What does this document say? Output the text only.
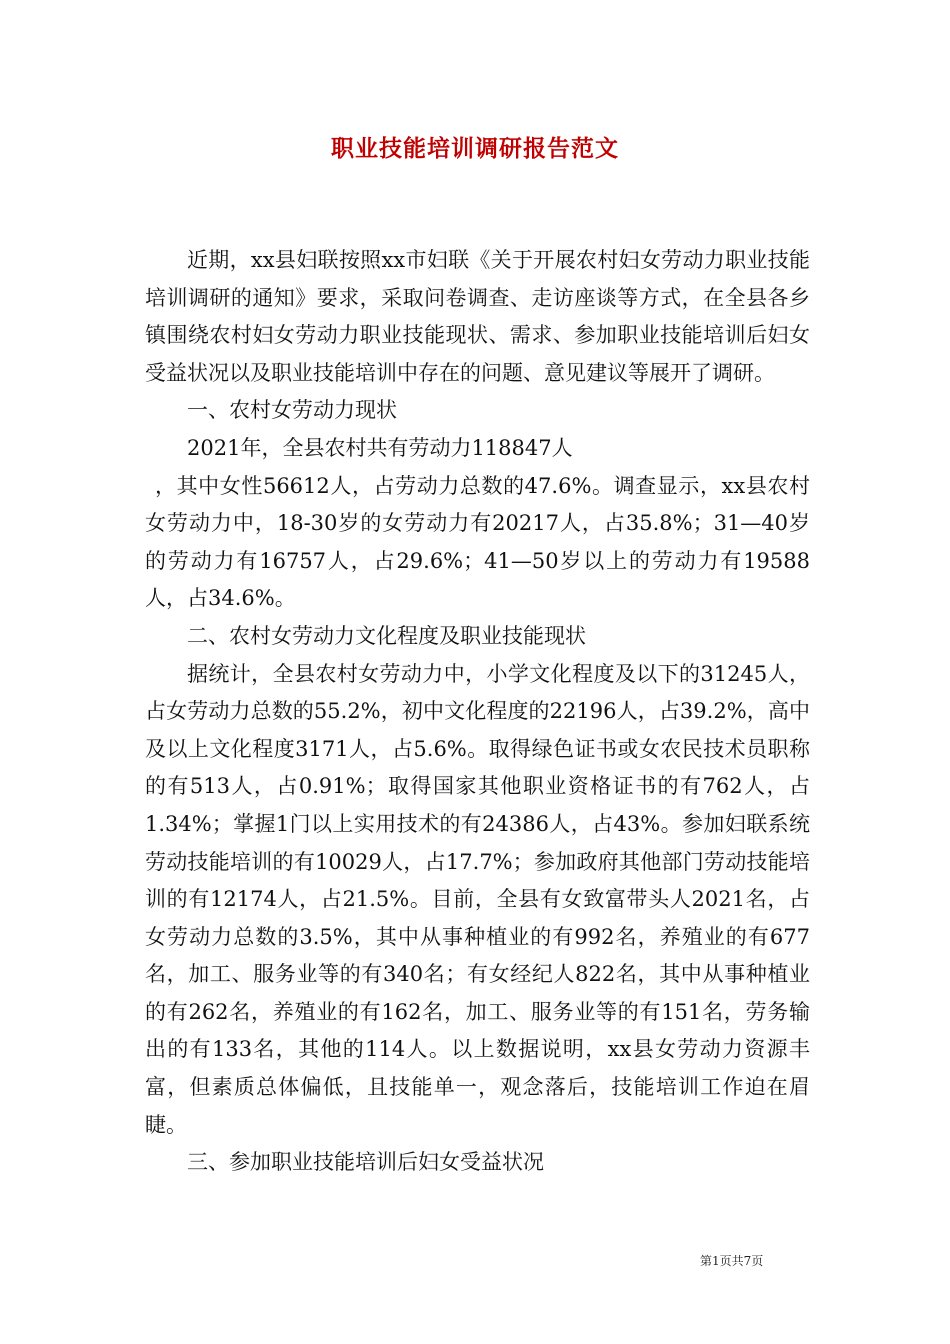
职业技能培训调研报告范文

近期，xx县妇联按照xx市妇联《关于开展农村妇女劳动力职业技能培训调研的通知》要求，采取问卷调查、走访座谈等方式，在全县各乡镇围绕农村妇女劳动力职业技能现状、需求、参加职业技能培训后妇女受益状况以及职业技能培训中存在的问题、意见建议等展开了调研。

一、农村女劳动力现状

2021年，全县农村共有劳动力118847人

，其中女性56612人，占劳动力总数的47.6%。调查显示，xx县农村女劳动力中，18-30岁的女劳动力有20217人，占35.8%；31—40岁的劳动力有16757人，占29.6%；41—50岁以上的劳动力有19588人，占34.6%。

二、农村女劳动力文化程度及职业技能现状

据统计，全县农村女劳动力中，小学文化程度及以下的31245人，占女劳动力总数的55.2%，初中文化程度的22196人，占39.2%，高中及以上文化程度3171人，占5.6%。取得绿色证书或女农民技术员职称的有513人，占0.91%；取得国家其他职业资格证书的有762人，占1.34%；掌握1门以上实用技术的有24386人，占43%。参加妇联系统劳动技能培训的有10029人，占17.7%；参加政府其他部门劳动技能培训的有12174人，占21.5%。目前，全县有女致富带头人2021名，占女劳动力总数的3.5%，其中从事种植业的有992名，养殖业的有677名，加工、服务业等的有340名；有女经纪人822名，其中从事种植业的有262名，养殖业的有162名，加工、服务业等的有151名，劳务输出的有133名，其他的114人。以上数据说明，xx县女劳动力资源丰富，但素质总体偏低，且技能单一，观念落后，技能培训工作迫在眉睫。

三、参加职业技能培训后妇女受益状况

第1页共7页
